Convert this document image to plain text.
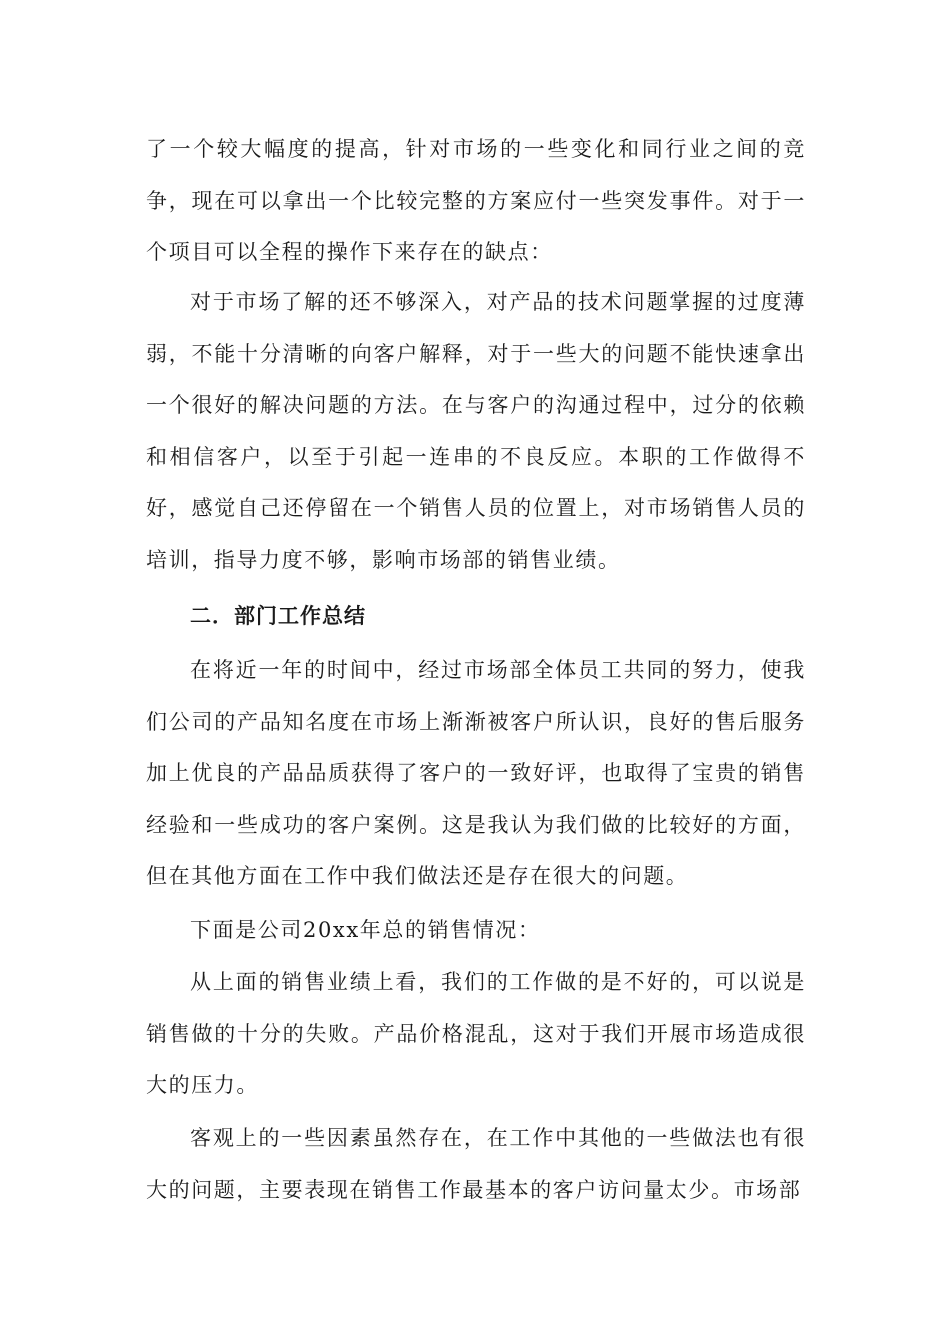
了一个较大幅度的提高，针对市场的一些变化和同行业之间的竞争，现在可以拿出一个比较完整的方案应付一些突发事件。对于一个项目可以全程的操作下来存在的缺点：

对于市场了解的还不够深入，对产品的技术问题掌握的过度薄弱，不能十分清晰的向客户解释，对于一些大的问题不能快速拿出一个很好的解决问题的方法。在与客户的沟通过程中，过分的依赖和相信客户，以至于引起一连串的不良反应。本职的工作做得不好，感觉自己还停留在一个销售人员的位置上，对市场销售人员的培训，指导力度不够，影响市场部的销售业绩。

二．部门工作总结

在将近一年的时间中，经过市场部全体员工共同的努力，使我们公司的产品知名度在市场上渐渐被客户所认识，良好的售后服务加上优良的产品品质获得了客户的一致好评，也取得了宝贵的销售经验和一些成功的客户案例。这是我认为我们做的比较好的方面，但在其他方面在工作中我们做法还是存在很大的问题。

下面是公司20xx年总的销售情况：

从上面的销售业绩上看，我们的工作做的是不好的，可以说是销售做的十分的失败。产品价格混乱，这对于我们开展市场造成很大的压力。

客观上的一些因素虽然存在，在工作中其他的一些做法也有很大的问题，主要表现在销售工作最基本的客户访问量太少。市场部
